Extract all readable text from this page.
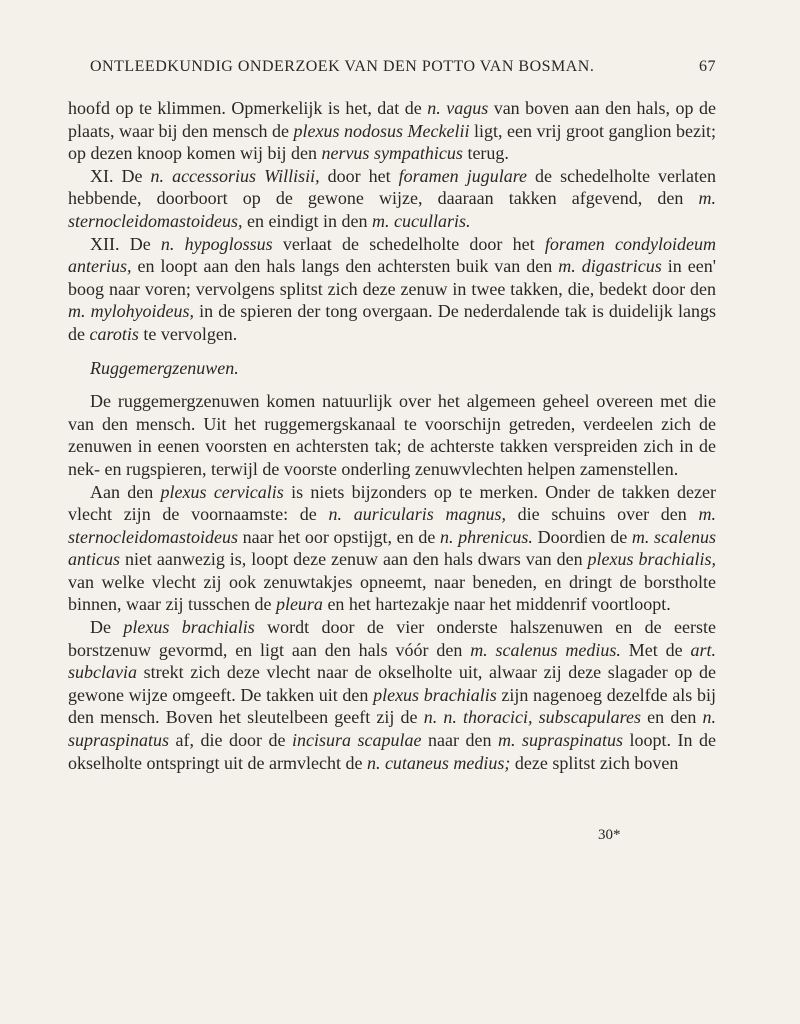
ONTLEEDKUNDIG ONDERZOEK VAN DEN POTTO VAN BOSMAN.	67

hoofd op te klimmen. Opmerkelijk is het, dat de n. vagus van boven aan den hals, op de plaats, waar bij den mensch de plexus nodosus Meckelii ligt, een vrij groot ganglion bezit; op dezen knoop komen wij bij den nervus sympathicus terug.

XI. De n. accessorius Willisii, door het foramen jugulare de schedelholte verlaten hebbende, doorboort op de gewone wijze, daaraan takken afgevend, den m. sternocleidomastoideus, en eindigt in den m. cucullaris.

XII. De n. hypoglossus verlaat de schedelholte door het foramen condyloideum anterius, en loopt aan den hals langs den achtersten buik van den m. digastricus in een' boog naar voren; vervolgens splitst zich deze zenuw in twee takken, die, bedekt door den m. mylohyoideus, in de spieren der tong overgaan. De nederdalende tak is duidelijk langs de carotis te vervolgen.

Ruggemergzenuwen.

De ruggemergzenuwen komen natuurlijk over het algemeen geheel overeen met die van den mensch. Uit het ruggemergskanaal te voorschijn getreden, verdeelen zich de zenuwen in eenen voorsten en achtersten tak; de achterste takken verspreiden zich in de nek- en rugspieren, terwijl de voorste onderling zenuwvlechten helpen zamenstellen.

Aan den plexus cervicalis is niets bijzonders op te merken. Onder de takken dezer vlecht zijn de voornaamste: de n. auricularis magnus, die schuins over den m. sternocleidomastoideus naar het oor opstijgt, en de n. phrenicus. Doordien de m. scalenus anticus niet aanwezig is, loopt deze zenuw aan den hals dwars van den plexus brachialis, van welke vlecht zij ook zenuwtakjes opneemt, naar beneden, en dringt de borstholte binnen, waar zij tusschen de pleura en het hartezakje naar het middenrif voortloopt.

De plexus brachialis wordt door de vier onderste halszenuwen en de eerste borstzenuw gevormd, en ligt aan den hals vóór den m. scalenus medius. Met de art. subclavia strekt zich deze vlecht naar de okselholte uit, alwaar zij deze slagader op de gewone wijze omgeeft. De takken uit den plexus brachialis zijn nagenoeg dezelfde als bij den mensch. Boven het sleutelbeen geeft zij de n. n. thoracici, subscapulares en den n. supraspinatus af, die door de incisura scapulae naar den m. supraspinatus loopt. In de okselholte ontspringt uit de armvlecht de n. cutaneus medius; deze splitst zich boven

30*
